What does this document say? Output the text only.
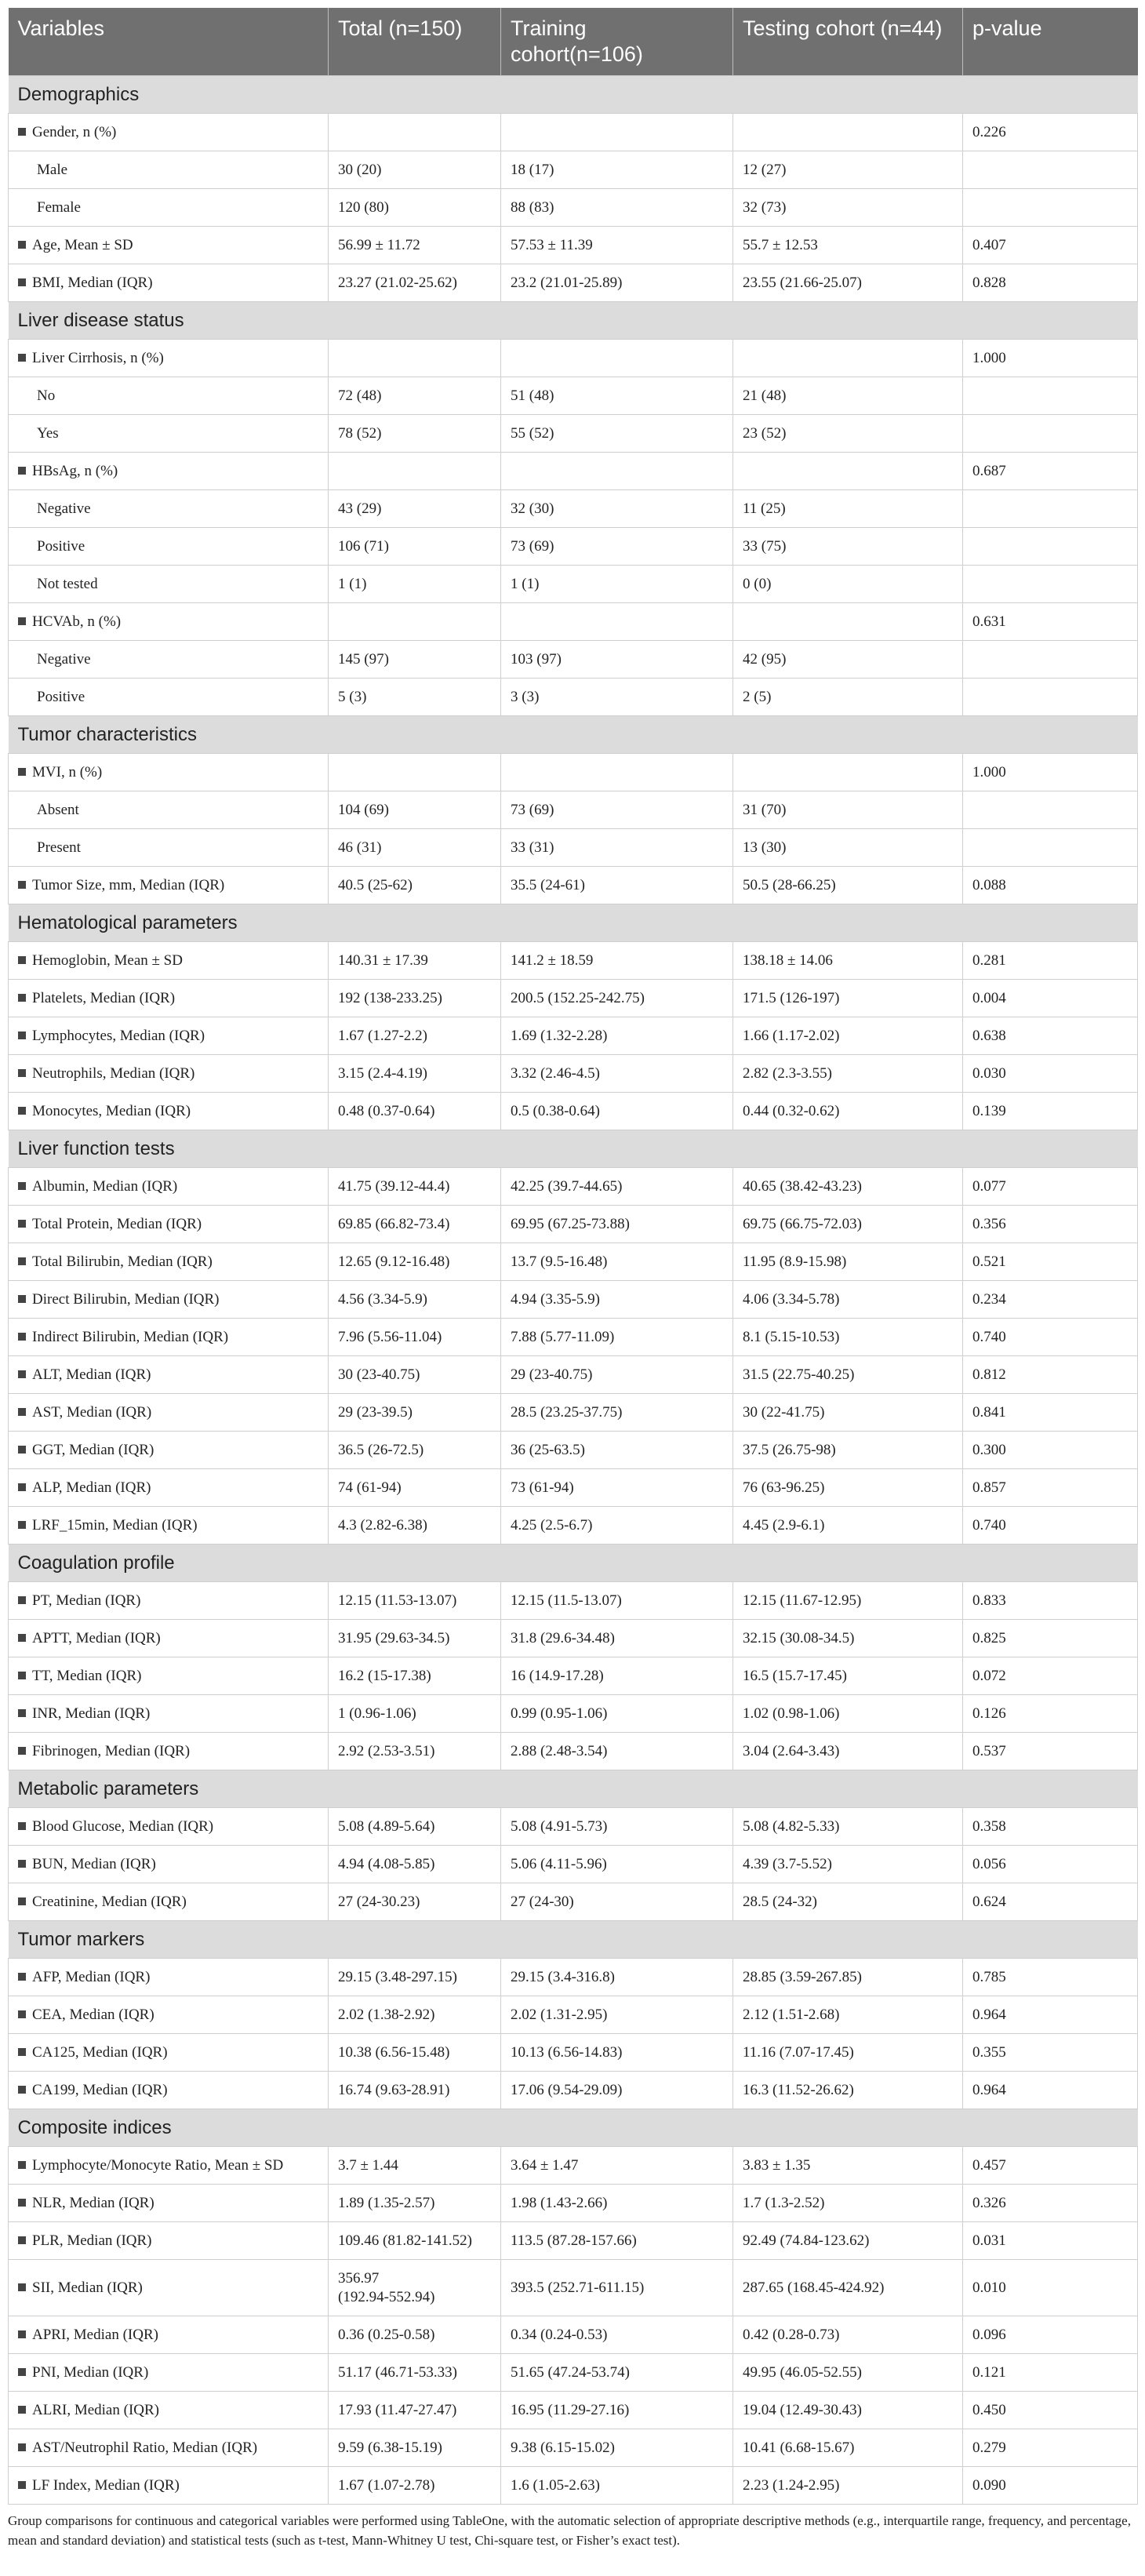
Variables	Total (n=150)	Training cohort(n=106)	Testing cohort (n=44)	p-value
Demographics				
Gender, n (%)				0.226
Male	30 (20)	18 (17)	12 (27)	
Female	120 (80)	88 (83)	32 (73)	
Age, Mean ± SD	56.99 ± 11.72	57.53 ± 11.39	55.7 ± 12.53	0.407
BMI, Median (IQR)	23.27 (21.02-25.62)	23.2 (21.01-25.89)	23.55 (21.66-25.07)	0.828
Liver disease status				
Liver Cirrhosis, n (%)				1.000
No	72 (48)	51 (48)	21 (48)	
Yes	78 (52)	55 (52)	23 (52)	
HBsAg, n (%)				0.687
Negative	43 (29)	32 (30)	11 (25)	
Positive	106 (71)	73 (69)	33 (75)	
Not tested	1 (1)	1 (1)	0 (0)	
HCVAb, n (%)				0.631
Negative	145 (97)	103 (97)	42 (95)	
Positive	5 (3)	3 (3)	2 (5)	
Tumor characteristics				
MVI, n (%)				1.000
Absent	104 (69)	73 (69)	31 (70)	
Present	46 (31)	33 (31)	13 (30)	
Tumor Size, mm, Median (IQR)	40.5 (25-62)	35.5 (24-61)	50.5 (28-66.25)	0.088
Hematological parameters				
Hemoglobin, Mean ± SD	140.31 ± 17.39	141.2 ± 18.59	138.18 ± 14.06	0.281
Platelets, Median (IQR)	192 (138-233.25)	200.5 (152.25-242.75)	171.5 (126-197)	0.004
Lymphocytes, Median (IQR)	1.67 (1.27-2.2)	1.69 (1.32-2.28)	1.66 (1.17-2.02)	0.638
Neutrophils, Median (IQR)	3.15 (2.4-4.19)	3.32 (2.46-4.5)	2.82 (2.3-3.55)	0.030
Monocytes, Median (IQR)	0.48 (0.37-0.64)	0.5 (0.38-0.64)	0.44 (0.32-0.62)	0.139
Liver function tests				
Albumin, Median (IQR)	41.75 (39.12-44.4)	42.25 (39.7-44.65)	40.65 (38.42-43.23)	0.077
Total Protein, Median (IQR)	69.85 (66.82-73.4)	69.95 (67.25-73.88)	69.75 (66.75-72.03)	0.356
Total Bilirubin, Median (IQR)	12.65 (9.12-16.48)	13.7 (9.5-16.48)	11.95 (8.9-15.98)	0.521
Direct Bilirubin, Median (IQR)	4.56 (3.34-5.9)	4.94 (3.35-5.9)	4.06 (3.34-5.78)	0.234
Indirect Bilirubin, Median (IQR)	7.96 (5.56-11.04)	7.88 (5.77-11.09)	8.1 (5.15-10.53)	0.740
ALT, Median (IQR)	30 (23-40.75)	29 (23-40.75)	31.5 (22.75-40.25)	0.812
AST, Median (IQR)	29 (23-39.5)	28.5 (23.25-37.75)	30 (22-41.75)	0.841
GGT, Median (IQR)	36.5 (26-72.5)	36 (25-63.5)	37.5 (26.75-98)	0.300
ALP, Median (IQR)	74 (61-94)	73 (61-94)	76 (63-96.25)	0.857
LRF_15min, Median (IQR)	4.3 (2.82-6.38)	4.25 (2.5-6.7)	4.45 (2.9-6.1)	0.740
Coagulation profile				
PT, Median (IQR)	12.15 (11.53-13.07)	12.15 (11.5-13.07)	12.15 (11.67-12.95)	0.833
APTT, Median (IQR)	31.95 (29.63-34.5)	31.8 (29.6-34.48)	32.15 (30.08-34.5)	0.825
TT, Median (IQR)	16.2 (15-17.38)	16 (14.9-17.28)	16.5 (15.7-17.45)	0.072
INR, Median (IQR)	1 (0.96-1.06)	0.99 (0.95-1.06)	1.02 (0.98-1.06)	0.126
Fibrinogen, Median (IQR)	2.92 (2.53-3.51)	2.88 (2.48-3.54)	3.04 (2.64-3.43)	0.537
Metabolic parameters				
Blood Glucose, Median (IQR)	5.08 (4.89-5.64)	5.08 (4.91-5.73)	5.08 (4.82-5.33)	0.358
BUN, Median (IQR)	4.94 (4.08-5.85)	5.06 (4.11-5.96)	4.39 (3.7-5.52)	0.056
Creatinine, Median (IQR)	27 (24-30.23)	27 (24-30)	28.5 (24-32)	0.624
Tumor markers				
AFP, Median (IQR)	29.15 (3.48-297.15)	29.15 (3.4-316.8)	28.85 (3.59-267.85)	0.785
CEA, Median (IQR)	2.02 (1.38-2.92)	2.02 (1.31-2.95)	2.12 (1.51-2.68)	0.964
CA125, Median (IQR)	10.38 (6.56-15.48)	10.13 (6.56-14.83)	11.16 (7.07-17.45)	0.355
CA199, Median (IQR)	16.74 (9.63-28.91)	17.06 (9.54-29.09)	16.3 (11.52-26.62)	0.964
Composite indices				
Lymphocyte/Monocyte Ratio, Mean ± SD	3.7 ± 1.44	3.64 ± 1.47	3.83 ± 1.35	0.457
NLR, Median (IQR)	1.89 (1.35-2.57)	1.98 (1.43-2.66)	1.7 (1.3-2.52)	0.326
PLR, Median (IQR)	109.46 (81.82-141.52)	113.5 (87.28-157.66)	92.49 (74.84-123.62)	0.031
SII, Median (IQR)	356.97
(192.94-552.94)	393.5 (252.71-611.15)	287.65 (168.45-424.92)	0.010
APRI, Median (IQR)	0.36 (0.25-0.58)	0.34 (0.24-0.53)	0.42 (0.28-0.73)	0.096
PNI, Median (IQR)	51.17 (46.71-53.33)	51.65 (47.24-53.74)	49.95 (46.05-52.55)	0.121
ALRI, Median (IQR)	17.93 (11.47-27.47)	16.95 (11.29-27.16)	19.04 (12.49-30.43)	0.450
AST/Neutrophil Ratio, Median (IQR)	9.59 (6.38-15.19)	9.38 (6.15-15.02)	10.41 (6.68-15.67)	0.279
LF Index, Median (IQR)	1.67 (1.07-2.78)	1.6 (1.05-2.63)	2.23 (1.24-2.95)	0.090
Group comparisons for continuous and categorical variables were performed using TableOne, with the automatic selection of appropriate descriptive methods (e.g., interquartile range, frequency, and percentage, mean and standard deviation) and statistical tests (such as t-test, Mann-Whitney U test, Chi-square test, or Fisher’s exact test).
